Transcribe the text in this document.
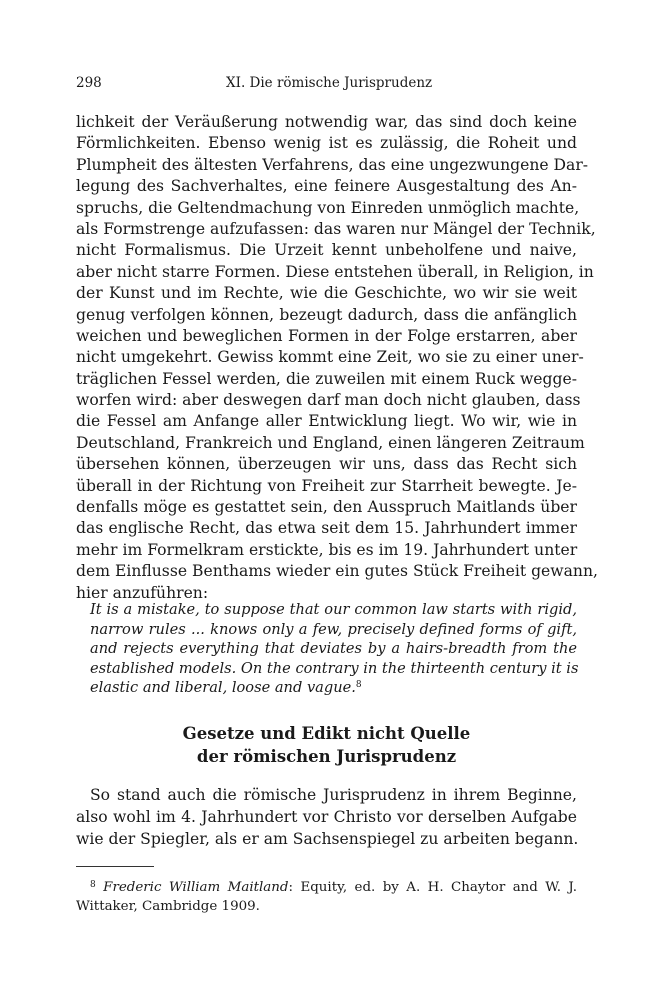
298	XI. Die römische Jurisprudenz
lichkeit der Veräußerung notwendig war, das sind doch keine
Förmlichkeiten. Ebenso wenig ist es zulässig, die Roheit und
Plumpheit des ältesten Verfahrens, das eine ungezwungene Dar-
legung des Sachverhaltes, eine feinere Ausgestaltung des An-
spruchs, die Geltendmachung von Einreden unmöglich machte,
als Formstrenge aufzufassen: das waren nur Mängel der Technik,
nicht Formalismus. Die Urzeit kennt unbeholfene und naive,
aber nicht starre Formen. Diese entstehen überall, in Religion, in
der Kunst und im Rechte, wie die Geschichte, wo wir sie weit
genug verfolgen können, bezeugt dadurch, dass die anfänglich
weichen und beweglichen Formen in der Folge erstarren, aber
nicht umgekehrt. Gewiss kommt eine Zeit, wo sie zu einer uner-
träglichen Fessel werden, die zuweilen mit einem Ruck wegge-
worfen wird: aber deswegen darf man doch nicht glauben, dass
die Fessel am Anfange aller Entwicklung liegt. Wo wir, wie in
Deutschland, Frankreich und England, einen längeren Zeitraum
übersehen können, überzeugen wir uns, dass das Recht sich
überall in der Richtung von Freiheit zur Starrheit bewegte. Je-
denfalls möge es gestattet sein, den Ausspruch Maitlands über
das englische Recht, das etwa seit dem 15. Jahrhundert immer
mehr im Formelkram erstickte, bis es im 19. Jahrhundert unter
dem Einflusse Benthams wieder ein gutes Stück Freiheit gewann,
hier anzuführen:
It is a mistake, to suppose that our common law starts with rigid,
narrow rules ... knows only a few, precisely defined forms of gift,
and rejects everything that deviates by a hairs-breadth from the
established models. On the contrary in the thirteenth century it is
elastic and liberal, loose and vague.$^8$
Gesetze und Edikt nicht Quelle
der römischen Jurisprudenz
So stand auch die römische Jurisprudenz in ihrem Beginne,
also wohl im 4. Jahrhundert vor Christo vor derselben Aufgabe
wie der Spiegler, als er am Sachsenspiegel zu arbeiten begann.
$^8$ Frederic William Maitland: Equity, ed. by A. H. Chaytor and W. J.
Wittaker, Cambridge 1909.
